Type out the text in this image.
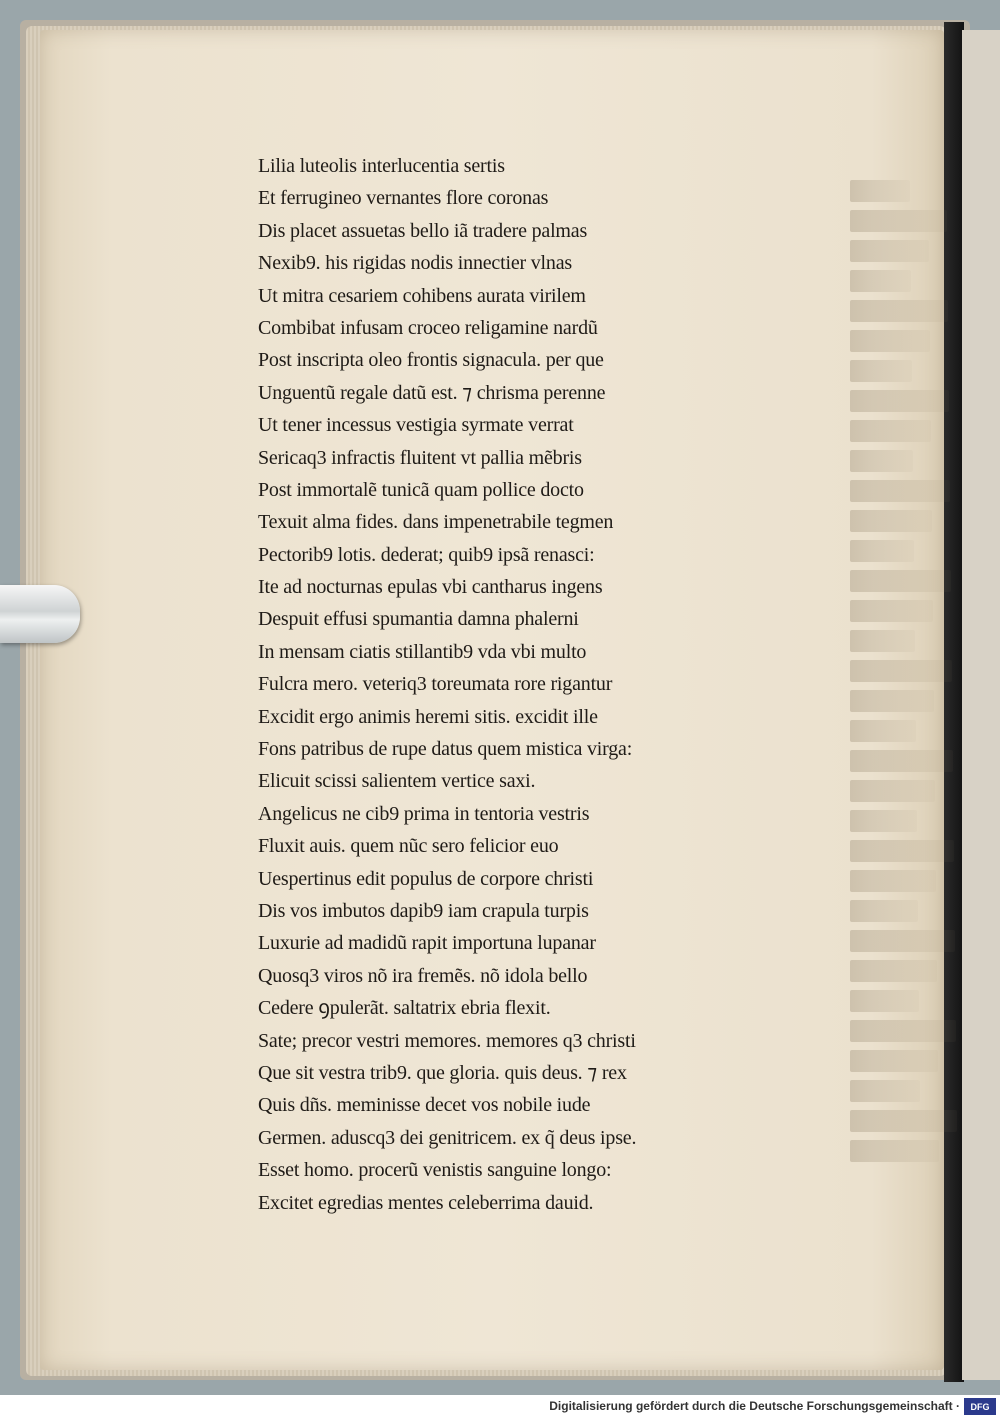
Lilia luteolis interlucentia sertis
Et ferrugineo vernantes flore coronas
Dis placet assuetas bello iã tradere palmas
Nexib9. his rigidas nodis innectier vlnas
Ut mitra cesariem cohibens aurata virilem
Combibat infusam croceo religamine nardũ
Post inscripta oleo frontis signacula. per que
Unguentũ regale datũ est. ⁊ chrisma perenne
Ut tener incessus vestigia syrmate verrat
Sericaq3 infractis fluitent vt pallia mẽbris
Post immortalẽ tunicã quam pollice docto
Texuit alma fides. dans impenetrabile tegmen
Pectorib9 lotis. dederat; quib9 ipsã renasci:
Ite ad nocturnas epulas vbi cantharus ingens
Despuit effusi spumantia damna phalerni
In mensam ciatis stillantib9 vda vbi multo
Fulcra mero. veteriq3 toreumata rore rigantur
Excidit ergo animis heremi sitis. excidit ille
Fons patribus de rupe datus quem mistica virga:
Elicuit scissi salientem vertice saxi.
Angelicus ne cib9 prima in tentoria vestris
Fluxit auis. quem nũc sero felicior euo
Uespertinus edit populus de corpore christi
Dis vos imbutos dapib9 iam crapula turpis
Luxurie ad madidũ rapit importuna lupanar
Quosq3 viros nõ ira fremẽs. nõ idola bello
Cedere ꝯpulerãt. saltatrix ebria flexit.
Sate; precor vestri memores. memores q3 christi
Que sit vestra trib9. que gloria. quis deus. ⁊ rex
Quis dñs. meminisse decet vos nobile iude
Germen. aduscq3 dei genitricem. ex q̃ deus ipse.
Esset homo. procerũ venistis sanguine longo:
Excitet egredias mentes celeberrima dauid.
Digitalisierung gefördert durch die Deutsche Forschungsgemeinschaft ·	DFG
